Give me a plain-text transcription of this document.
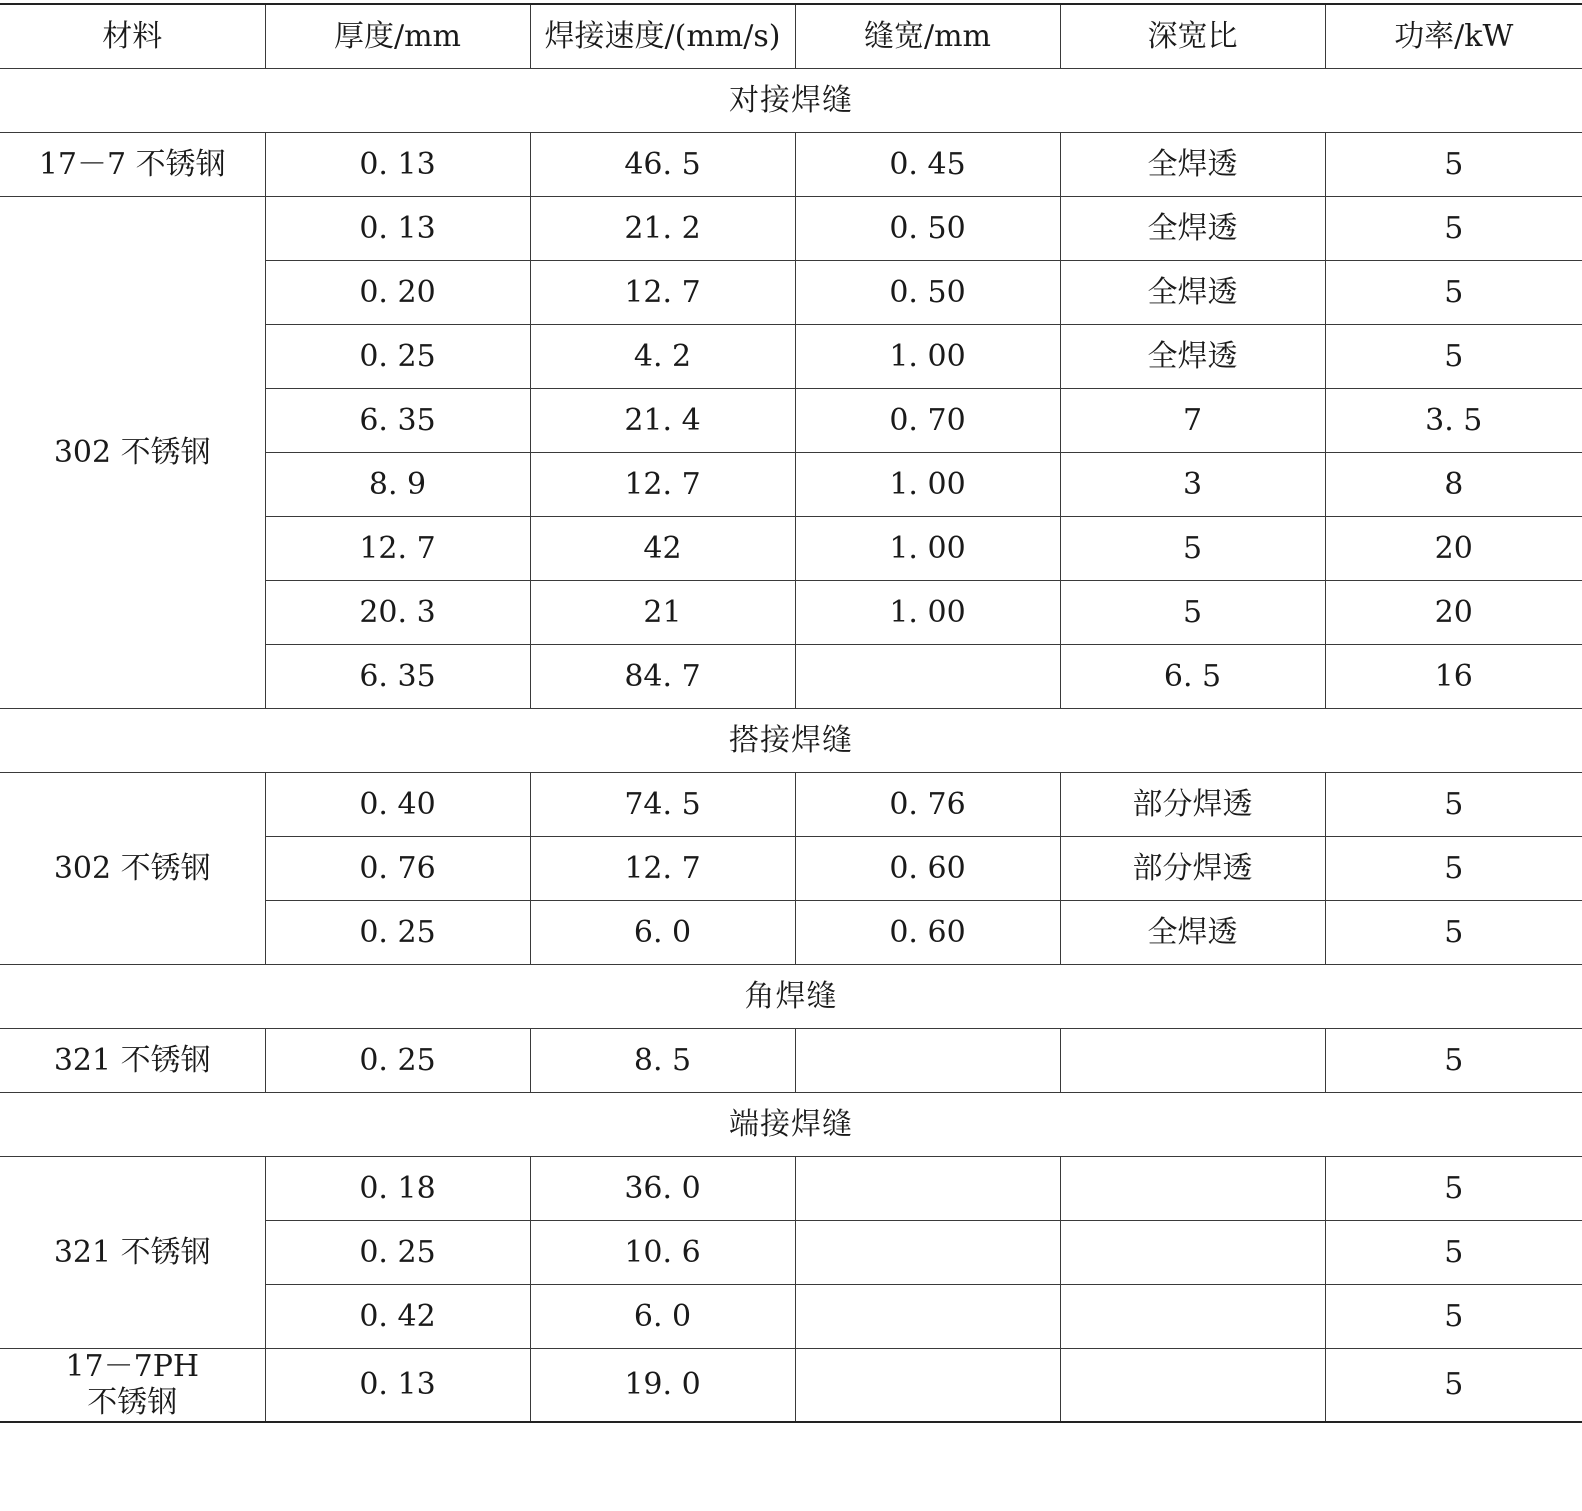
材料	厚度/mm	焊接速度/(mm/s)	缝宽/mm	深宽比	功率/kW
对接焊缝					
17－7 不锈钢	0. 13	46. 5	0. 45	全焊透	5
302 不锈钢	0. 13	21. 2	0. 50	全焊透	5
	0. 20	12. 7	0. 50	全焊透	5
	0. 25	4. 2	1. 00	全焊透	5
	6. 35	21. 4	0. 70	7	3. 5
	8. 9	12. 7	1. 00	3	8
	12. 7	42	1. 00	5	20
	20. 3	21	1. 00	5	20
	6. 35	84. 7		6. 5	16
搭接焊缝					
302 不锈钢	0. 40	74. 5	0. 76	部分焊透	5
	0. 76	12. 7	0. 60	部分焊透	5
	0. 25	6. 0	0. 60	全焊透	5
角焊缝					
321 不锈钢	0. 25	8. 5			5
端接焊缝					
321 不锈钢	0. 18	36. 0			5
	0. 25	10. 6			5
	0. 42	6. 0			5

17－7PH
不锈钢	0. 13	19. 0			5
